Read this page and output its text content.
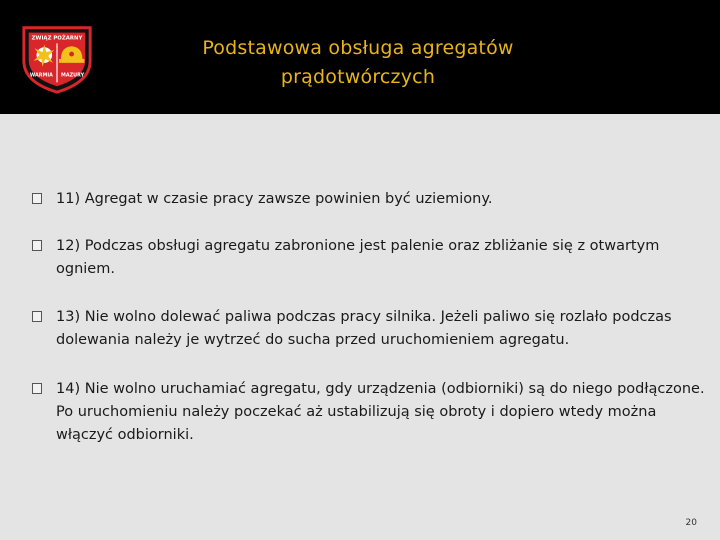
ZWIĄZ POŻARNY
WARMIA MAZURY
Podstawowa obsługa agregatów
prądotwórczych
11) Agregat w czasie pracy zawsze powinien być uziemiony.
12) Podczas obsługi agregatu zabronione jest palenie oraz zbliżanie się z otwartym ogniem.
13) Nie wolno dolewać paliwa podczas pracy silnika. Jeżeli paliwo się rozlało podczas dolewania należy je wytrzeć do sucha przed uruchomieniem agregatu.
14) Nie wolno uruchamiać agregatu, gdy urządzenia (odbiorniki) są do niego podłączone. Po uruchomieniu należy poczekać aż ustabilizują się obroty i dopiero wtedy można włączyć odbiorniki.
20
